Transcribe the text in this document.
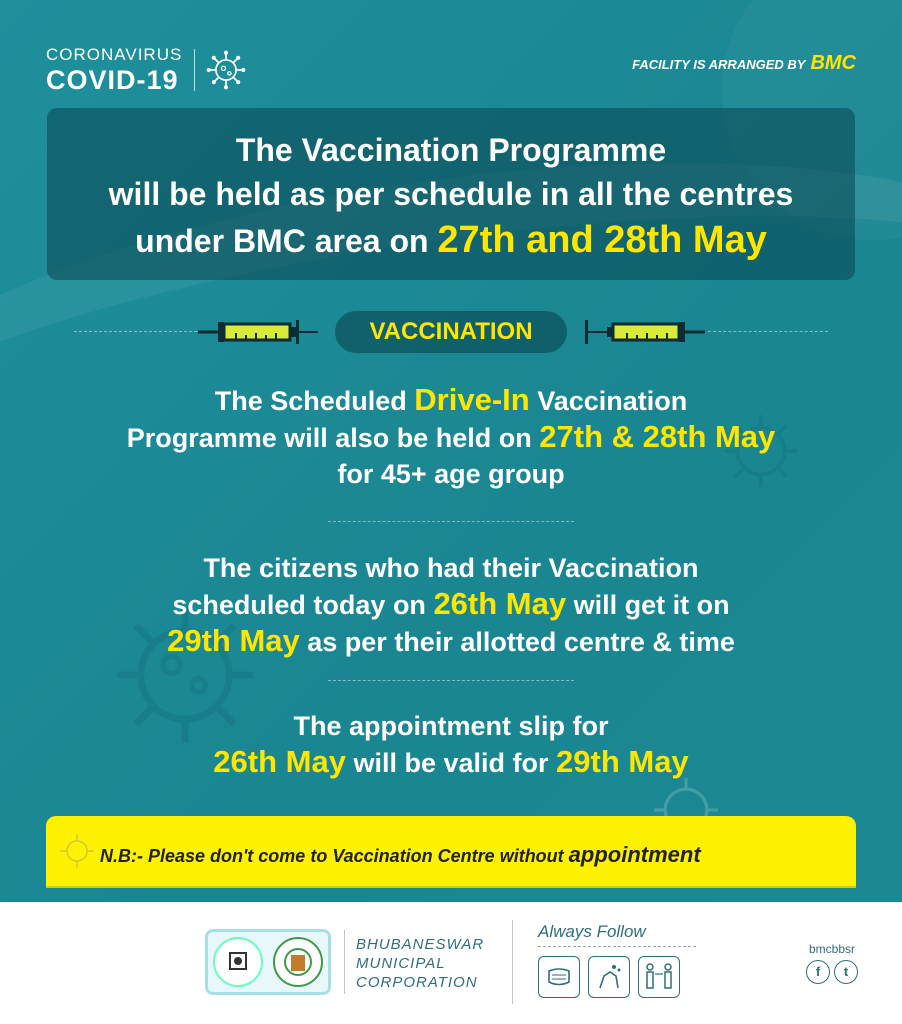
CORONAVIRUS
COVID-19
FACILITY IS ARRANGED BY BMC
The Vaccination Programme
will be held as per schedule in all the centres
under BMC area on 27th and 28th May
VACCINATION
The Scheduled Drive-In Vaccination
Programme will also be held on 27th & 28th May
for 45+ age group
The citizens who had their Vaccination
scheduled today on 26th May will get it on
29th May as per their allotted centre & time
The appointment slip for
26th May will be valid for 29th May
N.B:- Please don't come to Vaccination Centre without appointment
BHUBANESWAR
MUNICIPAL
CORPORATION
Always Follow
bmcbbsr
f	t
